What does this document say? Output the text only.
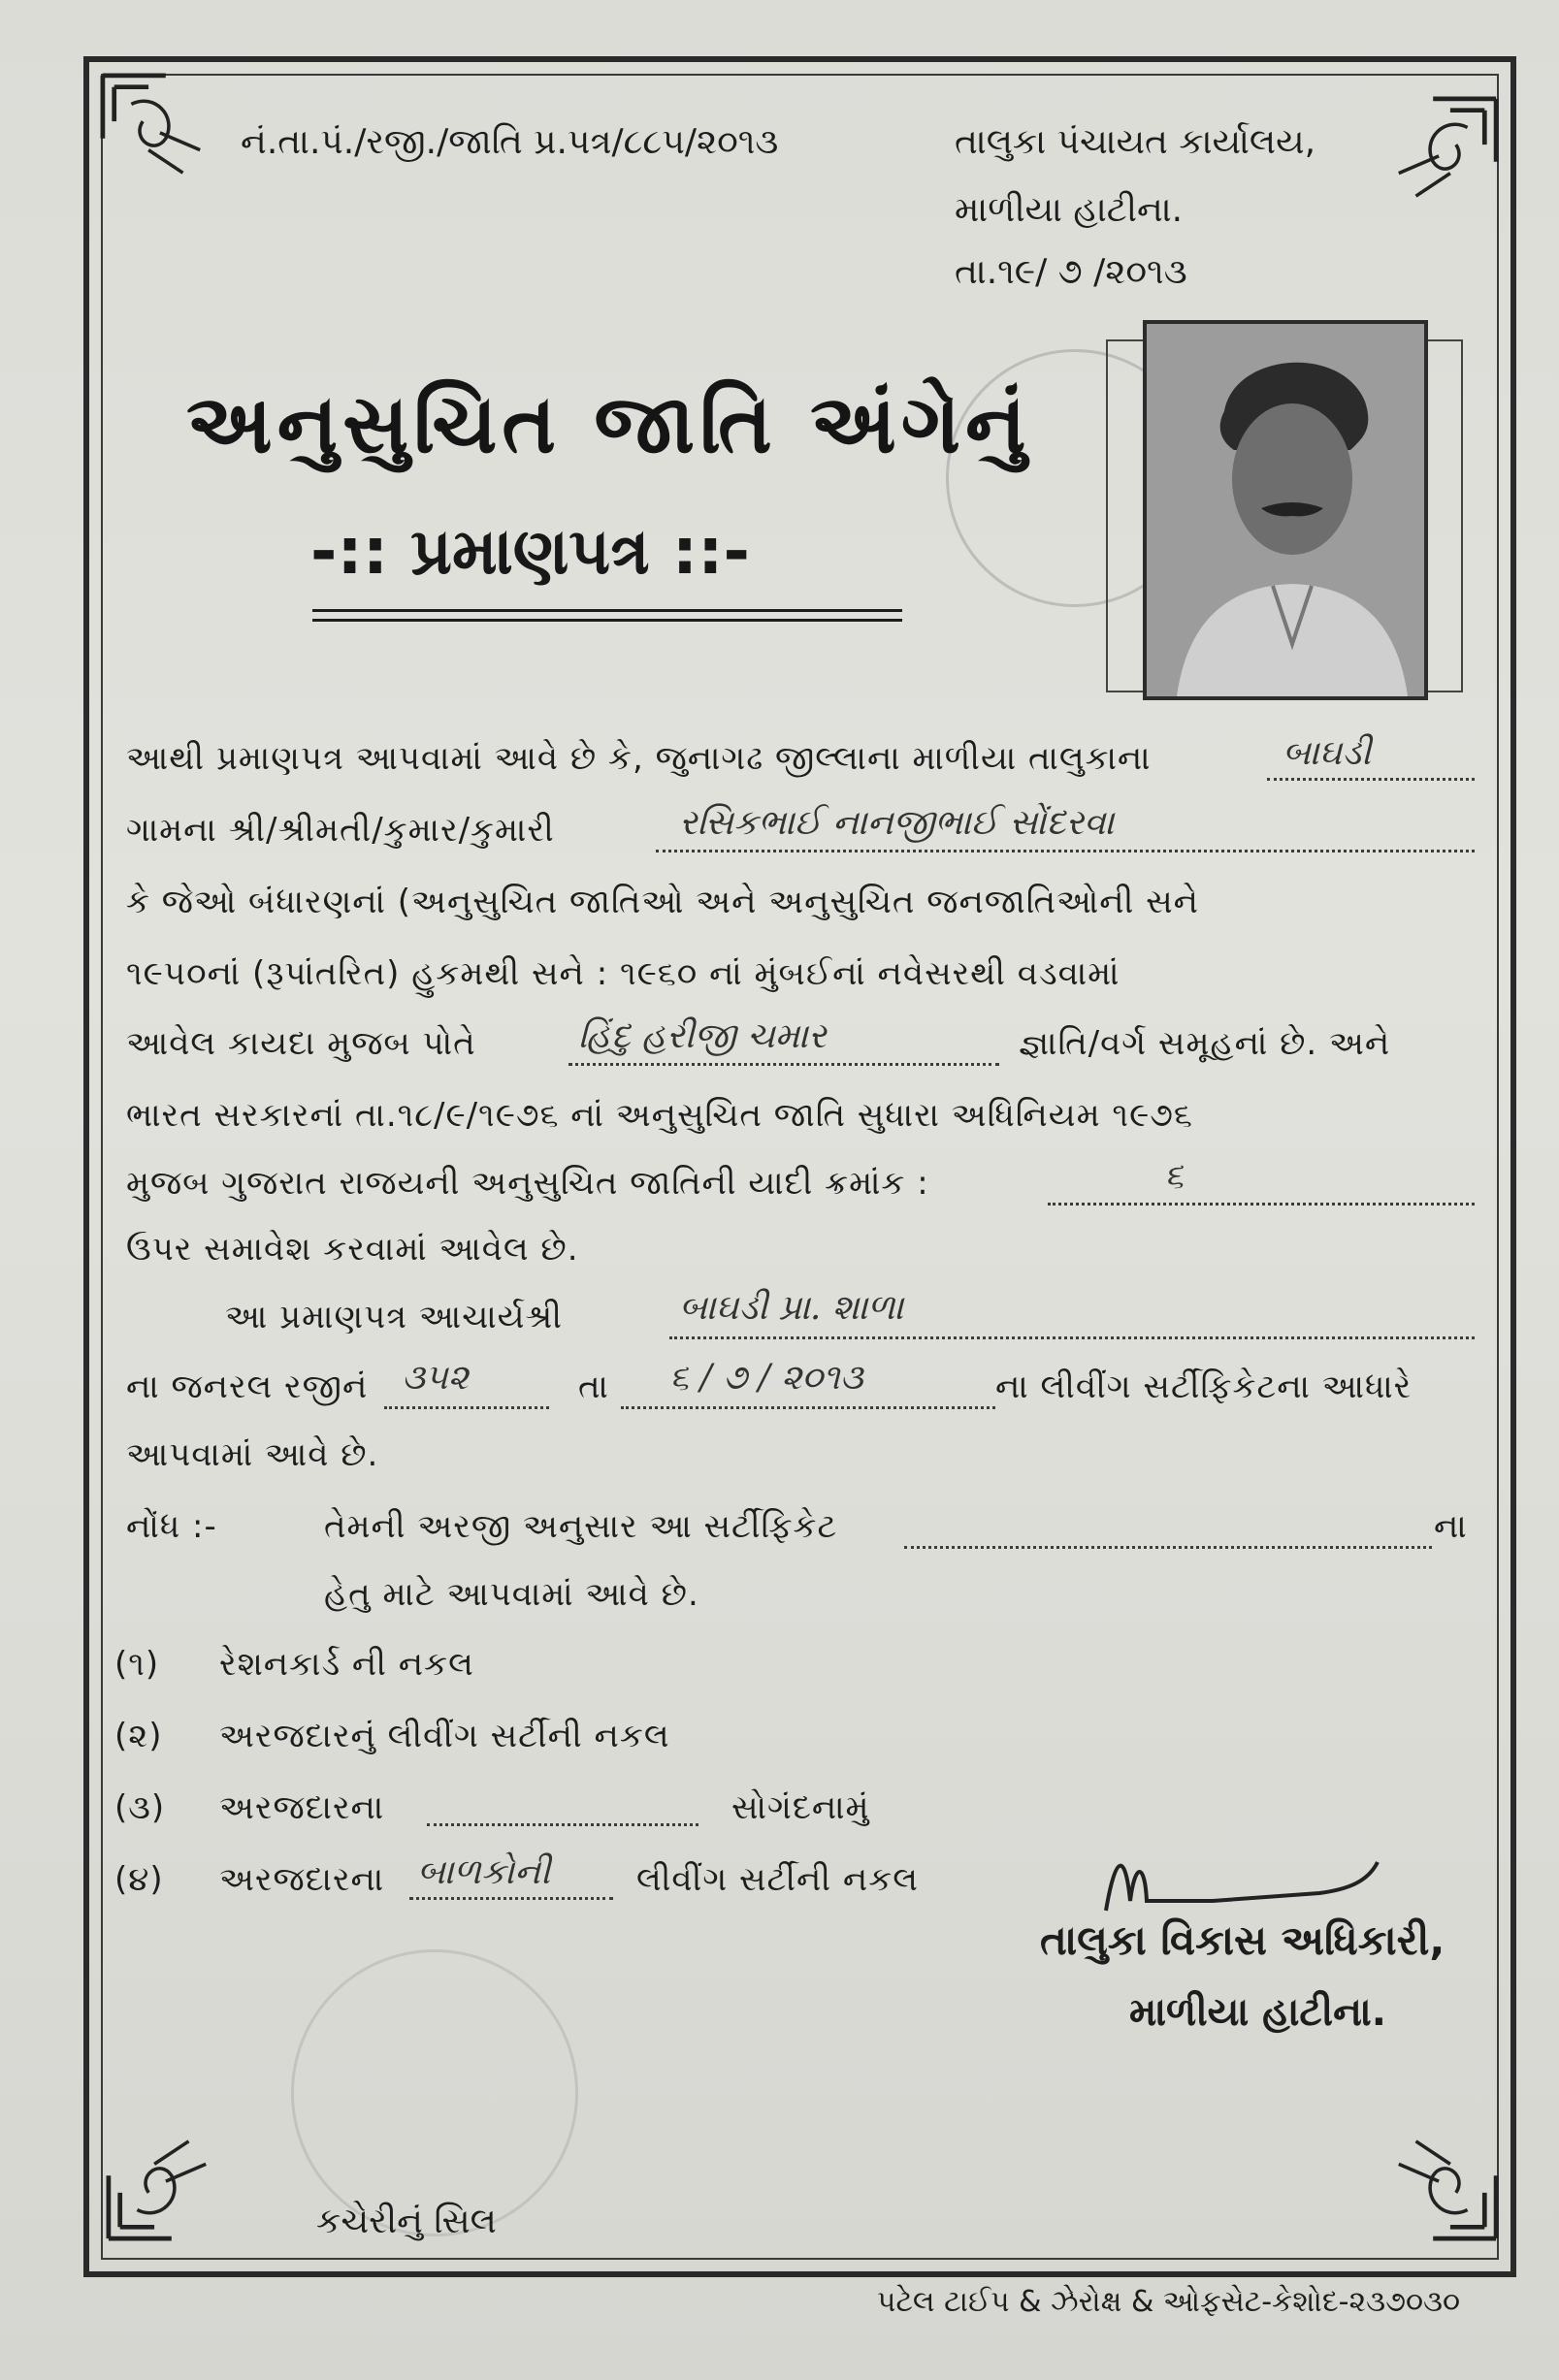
નં.તા.પં./રજી./જાતિ પ્ર.પત્ર/૮૮૫/૨૦૧૩	તાલુકા પંચાયત કાર્યાલય,
માળીયા હાટીના.
તા.૧૯/ ૭ /૨૦૧૩
અનુસુચિત જાતિ અંગેનું
-:: પ્રમાણપત્ર ::-
આથી પ્રમાણપત્ર આપવામાં આવે છે કે, જુનાગઢ જીલ્લાના માળીયા તાલુકાના	બાઘડી
ગામના શ્રી/શ્રીમતી/કુમાર/કુમારી	રસિકભાઈ નાનજીભાઈ સોંદરવા
કે જેઓ બંધારણનાં (અનુસુચિત જાતિઓ અને અનુસુચિત જનજાતિઓની સને
૧૯૫૦નાં (રૂપાંતરિત) હુકમથી સને : ૧૯૬૦ નાં મુંબઈનાં નવેસરથી વડવામાં
આવેલ કાયદા મુજબ પોતે	હિંદુ હરીજી ચમાર	જ્ઞાતિ/વર્ગ સમૂહનાં છે. અને
ભારત સરકારનાં તા.૧૮/૯/૧૯૭૬ નાં અનુસુચિત જાતિ સુધારા અધિનિયમ ૧૯૭૬
મુજબ ગુજરાત રાજયની અનુસુચિત જાતિની યાદી ક્રમાંક :	૬
ઉપર સમાવેશ કરવામાં આવેલ છે.
આ પ્રમાણપત્ર આચાર્યશ્રી	બાઘડી પ્રા. શાળા
ના જનરલ રજીનં ૩૫૨	તા ૬ / ૭ / ૨૦૧૩	ના લીવીંગ સર્ટીફિકેટના આધારે
આપવામાં આવે છે.
નોંધ :-	તેમની અરજી અનુસાર આ સર્ટીફિકેટ	ના
હેતુ માટે આપવામાં આવે છે.
(૧) રેશનકાર્ડ ની નકલ
(૨) અરજદારનું લીવીંગ સર્ટીની નકલ
(૩) અરજદારના	સોગંદનામું
(૪) અરજદારના બાળકોની	લીવીંગ સર્ટીની નકલ
તાલુકા વિકાસ અધિકારી,
માળીયા હાટીના.
કચેરીનું સિલ
પટેલ ટાઈપ & ઝેરોક્ષ & ઓફસેટ-કેશોદ-૨૩૭૦૩૦
